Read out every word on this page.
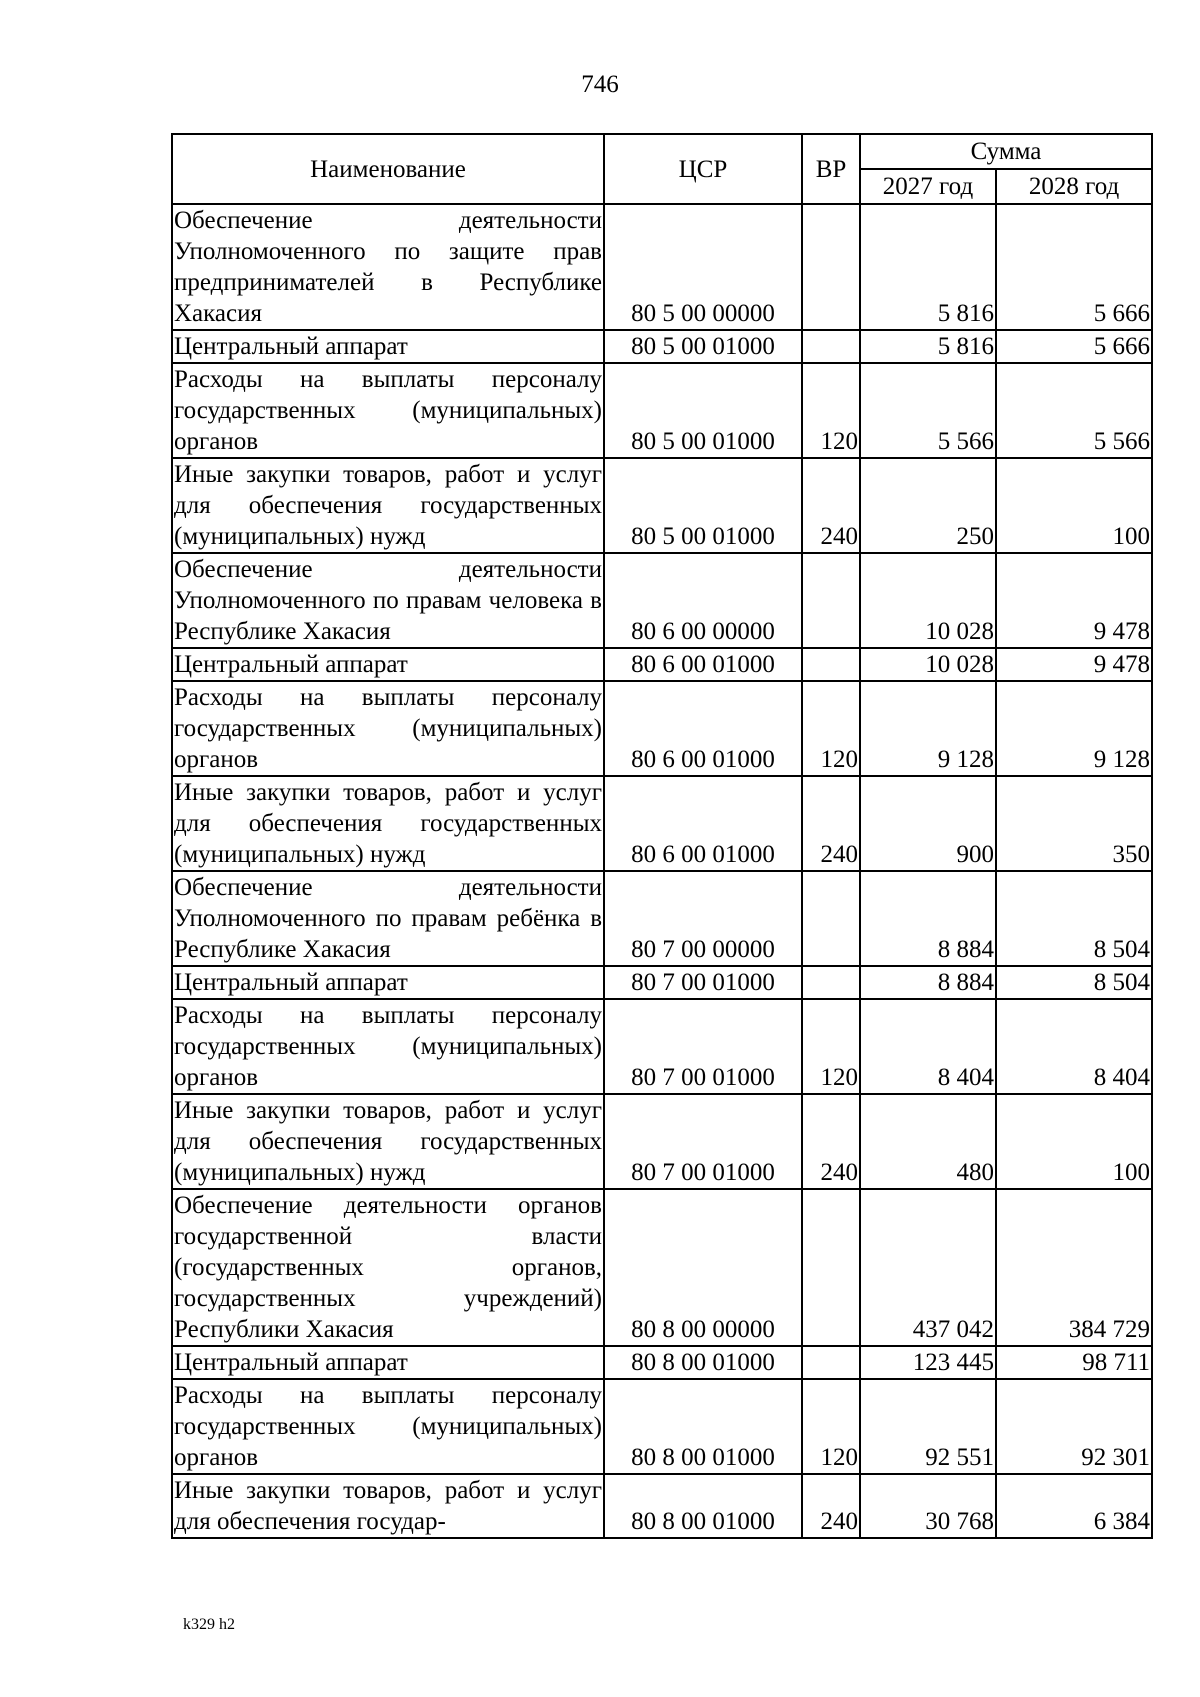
746
Наименование	ЦСР	ВР	Сумма	
			2027 год	2028 год
Обеспечение деятельности Уполномоченного по защите прав предпринимателей в Республике Хакасия	80 5 00 00000		5 816	5 666
Центральный аппарат	80 5 00 01000		5 816	5 666
Расходы на выплаты персоналу государственных (муниципальных) органов	80 5 00 01000	120	5 566	5 566
Иные закупки товаров, работ и услуг для обеспечения государственных (муниципальных) нужд	80 5 00 01000	240	250	100
Обеспечение деятельности Уполномоченного по правам человека в Республике Хакасия	80 6 00 00000		10 028	9 478
Центральный аппарат	80 6 00 01000		10 028	9 478
Расходы на выплаты персоналу государственных (муниципальных) органов	80 6 00 01000	120	9 128	9 128
Иные закупки товаров, работ и услуг для обеспечения государственных (муниципальных) нужд	80 6 00 01000	240	900	350
Обеспечение деятельности Уполномоченного по правам ребёнка в Республике Хакасия	80 7 00 00000		8 884	8 504
Центральный аппарат	80 7 00 01000		8 884	8 504
Расходы на выплаты персоналу государственных (муниципальных) органов	80 7 00 01000	120	8 404	8 404
Иные закупки товаров, работ и услуг для обеспечения государственных (муниципальных) нужд	80 7 00 01000	240	480	100
Обеспечение деятельности органов государственной власти (государственных органов, государственных учреждений) Республики Хакасия	80 8 00 00000		437 042	384 729
Центральный аппарат	80 8 00 01000		123 445	98 711
Расходы на выплаты персоналу государственных (муниципальных) органов	80 8 00 01000	120	92 551	92 301
Иные закупки товаров, работ и услуг для обеспечения государ-	80 8 00 01000	240	30 768	6 384
k329 h2
